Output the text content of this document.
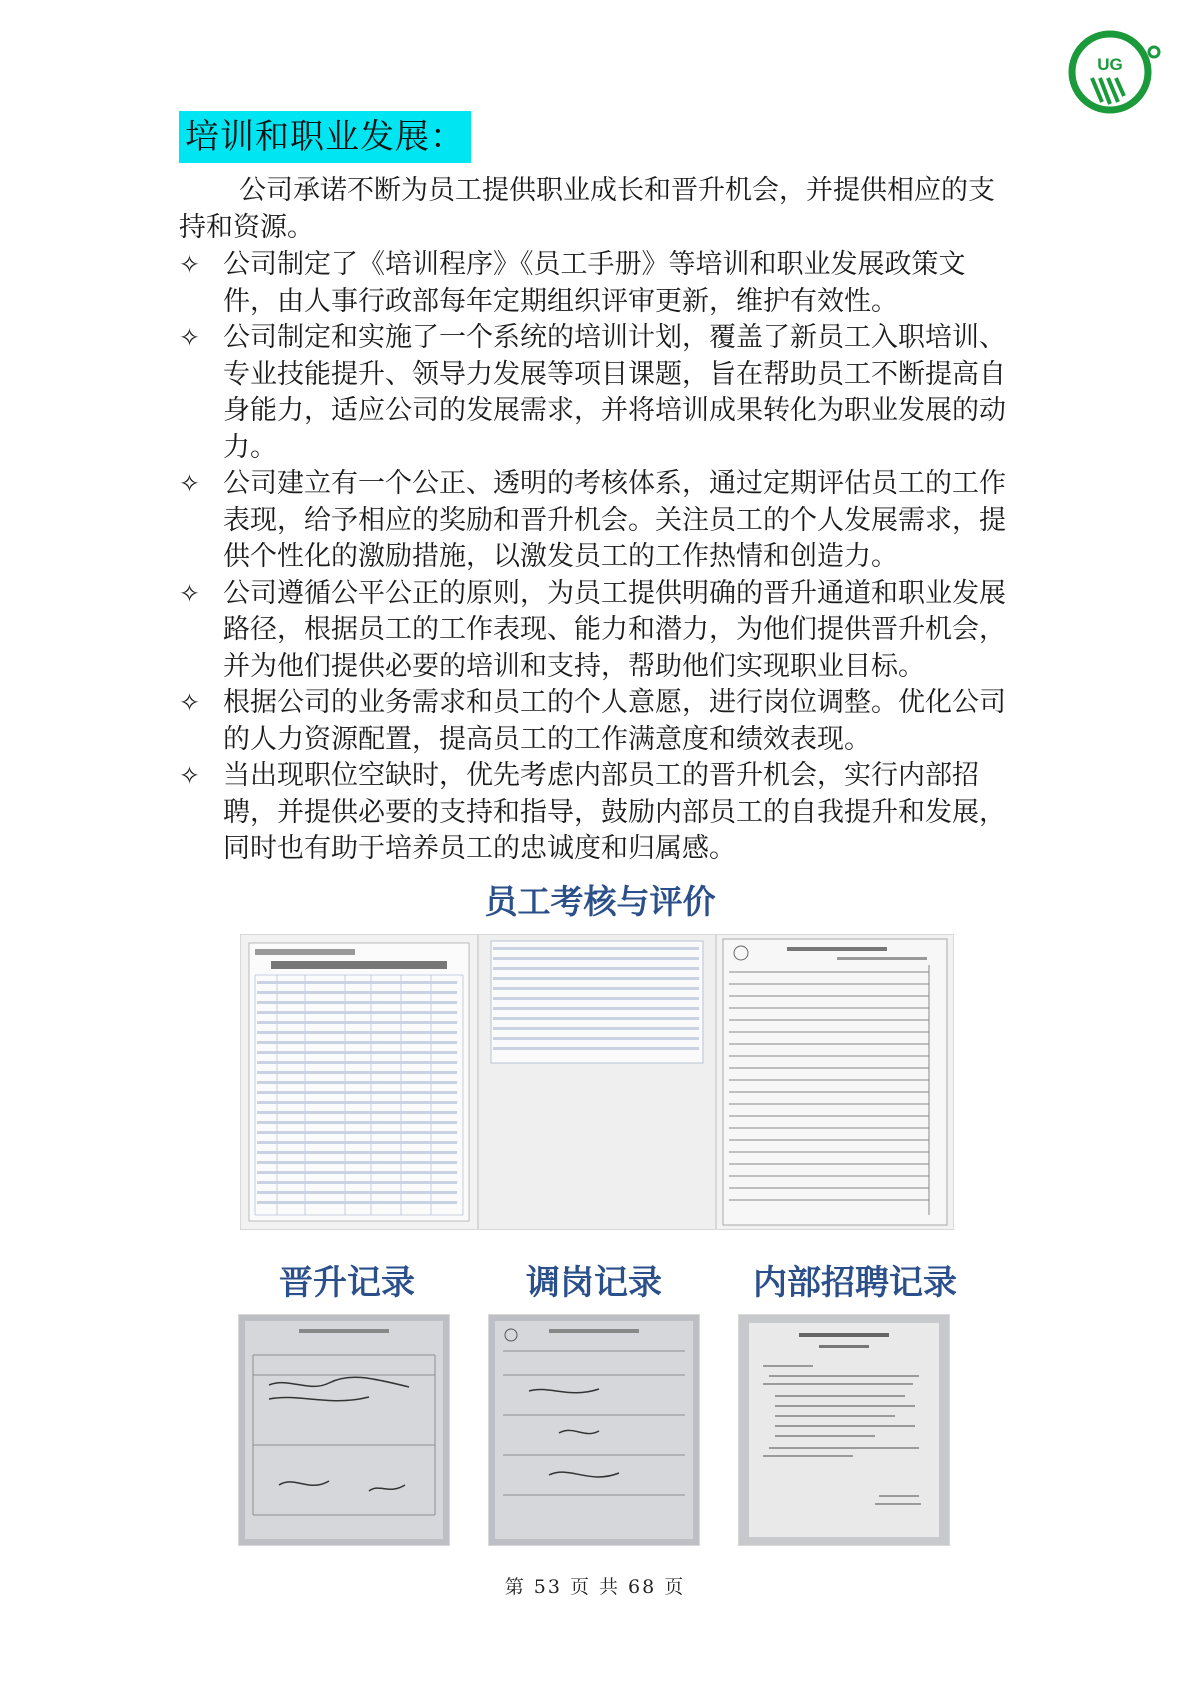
UG
培训和职业发展：

公司承诺不断为员工提供职业成长和晋升机会，并提供相应的支持和资源。

✧ 公司制定了《培训程序》《员工手册》等培训和职业发展政策文件，由人事行政部每年定期组织评审更新，维护有效性。
✧ 公司制定和实施了一个系统的培训计划，覆盖了新员工入职培训、专业技能提升、领导力发展等项目课题，旨在帮助员工不断提高自身能力，适应公司的发展需求，并将培训成果转化为职业发展的动力。
✧ 公司建立有一个公正、透明的考核体系，通过定期评估员工的工作表现，给予相应的奖励和晋升机会。关注员工的个人发展需求，提供个性化的激励措施，以激发员工的工作热情和创造力。
✧ 公司遵循公平公正的原则，为员工提供明确的晋升通道和职业发展路径，根据员工的工作表现、能力和潜力，为他们提供晋升机会，并为他们提供必要的培训和支持，帮助他们实现职业目标。
✧ 根据公司的业务需求和员工的个人意愿，进行岗位调整。优化公司的人力资源配置，提高员工的工作满意度和绩效表现。
✧ 当出现职位空缺时，优先考虑内部员工的晋升机会，实行内部招聘，并提供必要的支持和指导，鼓励内部员工的自我提升和发展，同时也有助于培养员工的忠诚度和归属感。
员工考核与评价
晋升记录	调岗记录	内部招聘记录
第 53 页 共 68 页
